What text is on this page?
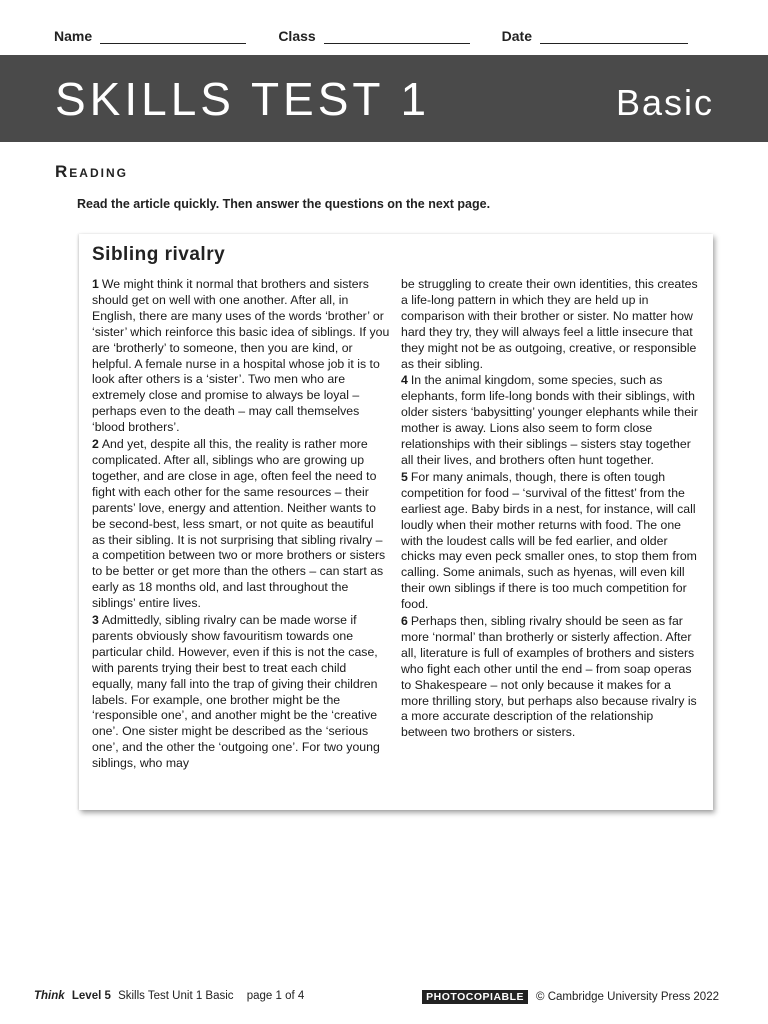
Name	Class	Date
SKILLS TEST 1	Basic
Reading
Read the article quickly. Then answer the questions on the next page.
Sibling rivalry

1 We might think it normal that brothers and sisters should get on well with one another. After all, in English, there are many uses of the words ‘brother’ or ‘sister’ which reinforce this basic idea of siblings. If you are ‘brotherly’ to someone, then you are kind, or helpful. A female nurse in a hospital whose job it is to look after others is a ‘sister’. Two men who are extremely close and promise to always be loyal – perhaps even to the death – may call themselves ‘blood brothers’.

2 And yet, despite all this, the reality is rather more complicated. After all, siblings who are growing up together, and are close in age, often feel the need to fight with each other for the same resources – their parents’ love, energy and attention. Neither wants to be second-best, less smart, or not quite as beautiful as their sibling. It is not surprising that sibling rivalry – a competition between two or more brothers or sisters to be better or get more than the others – can start as early as 18 months old, and last throughout the siblings’ entire lives.

3 Admittedly, sibling rivalry can be made worse if parents obviously show favouritism towards one particular child. However, even if this is not the case, with parents trying their best to treat each child equally, many fall into the trap of giving their children labels. For example, one brother might be the ‘responsible one’, and another might be the ‘creative one’. One sister might be described as the ‘serious one’, and the other the ‘outgoing one’. For two young siblings, who may

be struggling to create their own identities, this creates a life-long pattern in which they are held up in comparison with their brother or sister. No matter how hard they try, they will always feel a little insecure that they might not be as outgoing, creative, or responsible as their sibling.

4 In the animal kingdom, some species, such as elephants, form life-long bonds with their siblings, with older sisters ‘babysitting’ younger elephants while their mother is away. Lions also seem to form close relationships with their siblings – sisters stay together all their lives, and brothers often hunt together.

5 For many animals, though, there is often tough competition for food – ‘survival of the fittest’ from the earliest age. Baby birds in a nest, for instance, will call loudly when their mother returns with food. The one with the loudest calls will be fed earlier, and older chicks may even peck smaller ones, to stop them from calling. Some animals, such as hyenas, will even kill their own siblings if there is too much competition for food.

6 Perhaps then, sibling rivalry should be seen as far more ‘normal’ than brotherly or sisterly affection. After all, literature is full of examples of brothers and sisters who fight each other until the end – from soap operas to Shakespeare – not only because it makes for a more thrilling story, but perhaps also because rivalry is a more accurate description of the relationship between two brothers or sisters.

Think Level 5 Skills Test Unit 1 Basic page 1 of 4	PHOTOCOPIABLE	© Cambridge University Press 2022
